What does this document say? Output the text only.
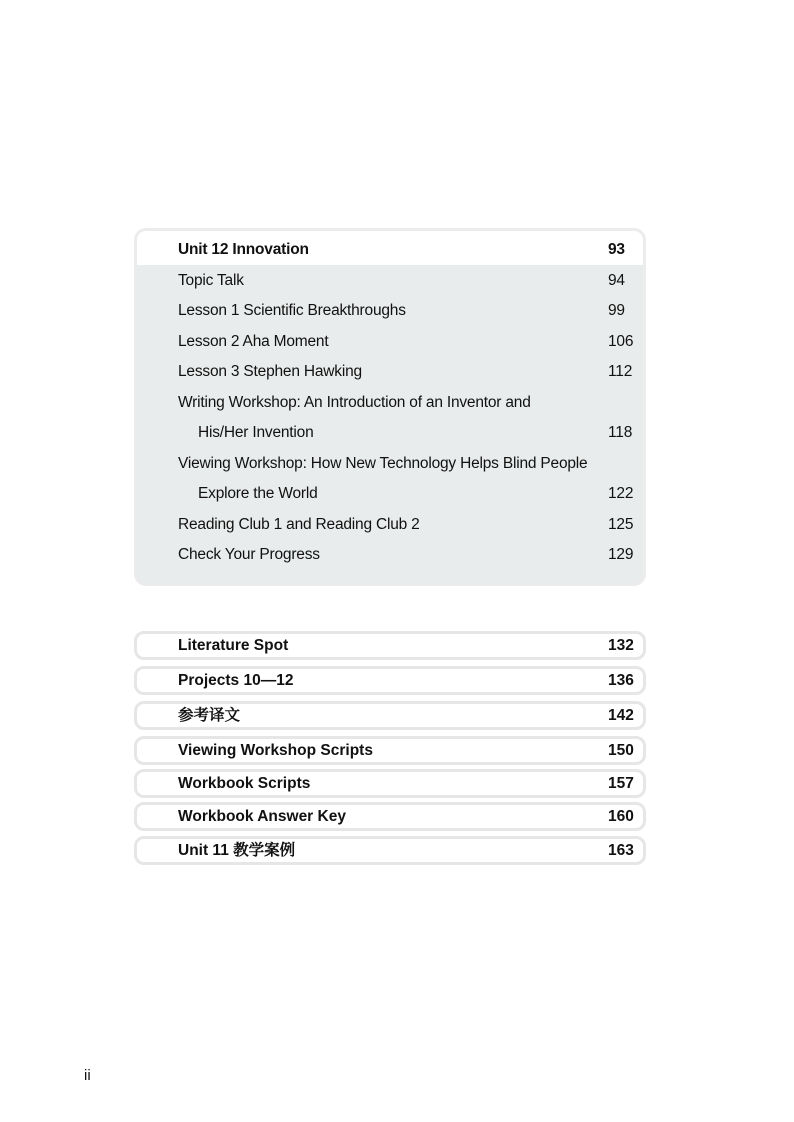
Unit 12 Innovation	93
Topic Talk	94
Lesson 1 Scientific Breakthroughs	99
Lesson 2 Aha Moment	106
Lesson 3 Stephen Hawking	112
Writing Workshop: An Introduction of an Inventor and
His/Her Invention	118
Viewing Workshop: How New Technology Helps Blind People
Explore the World	122
Reading Club 1 and Reading Club 2	125
Check Your Progress	129
Literature Spot	132
Projects 10—12	136
参考译文	142
Viewing Workshop Scripts	150
Workbook Scripts	157
Workbook Answer Key	160
Unit 11 教学案例	163
ii
